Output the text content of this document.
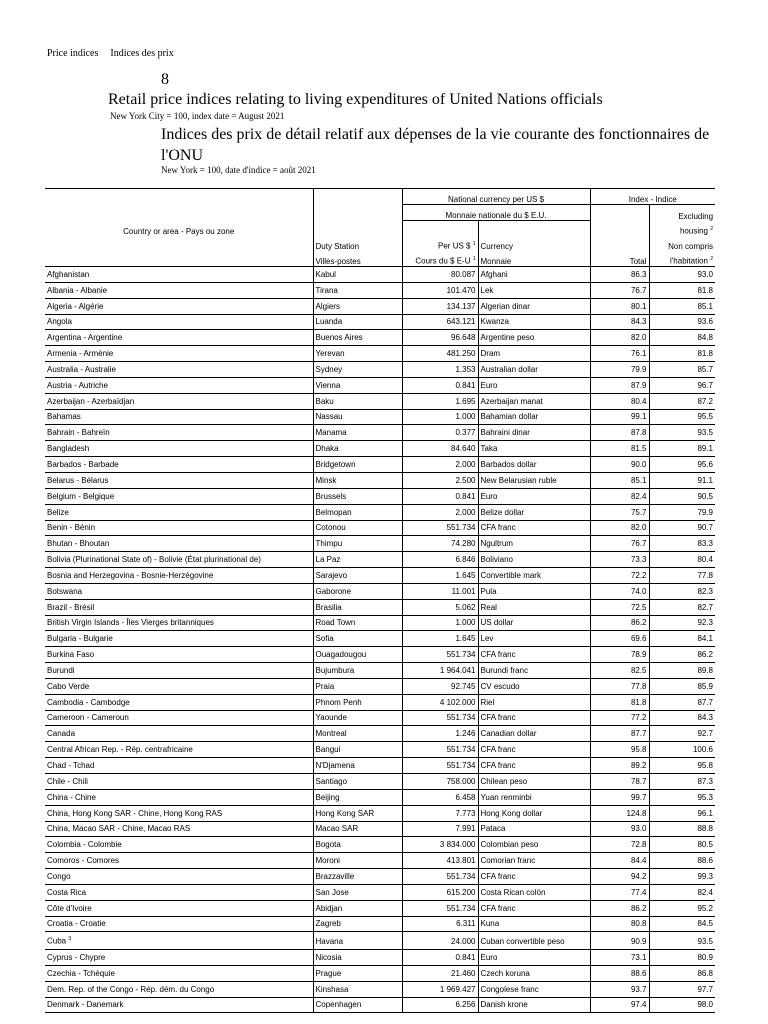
Price indices Indices des prix
8
Retail price indices relating to living expenditures of United Nations officials
New York City = 100, index date = August 2021
Indices des prix de détail relatif aux dépenses de la vie courante des fonctionnaires de l'ONU
New York = 100, date d'indice = août 2021
		National currency per US $		Index - Indice	
		Monnaie nationale du $ E.U.			Excluding
Country or area - Pays ou zone					housing $^2$
	Duty Station	Per US $ $^1$	Currency		Non compris
	Villes-postes	Cours du $ E-U $^1$	Monnaie	Total	l'habitation $^2$
Afghanistan	Kabul	80.087	Afghani	86.3	93.0
Albania - Albanie	Tirana	101.470	Lek	76.7	81.8
Algeria - Algérie	Algiers	134.137	Algerian dinar	80.1	85.1
Angola	Luanda	643.121	Kwanza	84.3	93.6
Argentina - Argentine	Buenos Aires	96.648	Argentine peso	82.0	84.8
Armenia - Arménie	Yerevan	481.250	Dram	76.1	81.8
Australia - Australie	Sydney	1.353	Australian dollar	79.9	85.7
Austria - Autriche	Vienna	0.841	Euro	87.9	96.7
Azerbaijan - Azerbaïdjan	Baku	1.695	Azerbaijan manat	80.4	87.2
Bahamas	Nassau	1.000	Bahamian dollar	99.1	95.5
Bahrain - Bahreïn	Manama	0.377	Bahraini dinar	87.8	93.5
Bangladesh	Dhaka	84.640	Taka	81.5	89.1
Barbados - Barbade	Bridgetown	2.000	Barbados dollar	90.0	95.6
Belarus - Bélarus	Minsk	2.500	New Belarusian ruble	85.1	91.1
Belgium - Belgique	Brussels	0.841	Euro	82.4	90.5
Belize	Belmopan	2.000	Belize dollar	75.7	79.9
Benin - Bénin	Cotonou	551.734	CFA franc	82.0	90.7
Bhutan - Bhoutan	Thimpu	74.280	Ngultrum	76.7	83.3
Bolivia (Plurinational State of) - Bolivie (État plurinational de)	La Paz	6.846	Boliviano	73.3	80.4
Bosnia and Herzegovina - Bosnie-Herzégovine	Sarajevo	1.645	Convertible mark	72.2	77.8
Botswana	Gaborone	11.001	Pula	74.0	82.3
Brazil - Brésil	Brasilia	5.062	Real	72.5	82.7
British Virgin Islands - Îles Vierges britanniques	Road Town	1.000	US dollar	86.2	92.3
Bulgaria - Bulgarie	Sofia	1.645	Lev	69.6	84.1
Burkina Faso	Ouagadougou	551.734	CFA franc	78.9	86.2
Burundi	Bujumbura	1 964.041	Burundi franc	82.5	89.8
Cabo Verde	Praia	92.745	CV escudo	77.8	85.9
Cambodia - Cambodge	Phnom Penh	4 102.000	Riel	81.8	87.7
Cameroon - Cameroun	Yaounde	551.734	CFA franc	77.2	84.3
Canada	Montreal	1.246	Canadian dollar	87.7	92.7
Central African Rep. - Rép. centrafricaine	Bangui	551.734	CFA franc	95.8	100.6
Chad - Tchad	N'Djamena	551.734	CFA franc	89.2	95.8
Chile - Chili	Santiago	758.000	Chilean peso	78.7	87.3
China - Chine	Beijing	6.458	Yuan renminbi	99.7	95.3
China, Hong Kong SAR - Chine, Hong Kong RAS	Hong Kong SAR	7.773	Hong Kong dollar	124.8	96.1
China, Macao SAR - Chine, Macao RAS	Macao SAR	7.991	Pataca	93.0	88.8
Colombia - Colombie	Bogota	3 834.000	Colombian peso	72.8	80.5
Comoros - Comores	Moroni	413.801	Comorian franc	84.4	88.6
Congo	Brazzaville	551.734	CFA franc	94.2	99.3
Costa Rica	San Jose	615.200	Costa Rican colón	77.4	82.4
Côte d'Ivoire	Abidjan	551.734	CFA franc	86.2	95.2
Croatia - Croatie	Zagreb	6.311	Kuna	80.8	84.5
Cuba $^3$	Havana	24.000	Cuban convertible peso	90.9	93.5
Cyprus - Chypre	Nicosia	0.841	Euro	73.1	80.9
Czechia - Tchéquie	Prague	21.460	Czech koruna	88.6	86.8
Dem. Rep. of the Congo - Rép. dém. du Congo	Kinshasa	1 969.427	Congolese franc	93.7	97.7
Denmark - Danemark	Copenhagen	6.256	Danish krone	97.4	98.0
